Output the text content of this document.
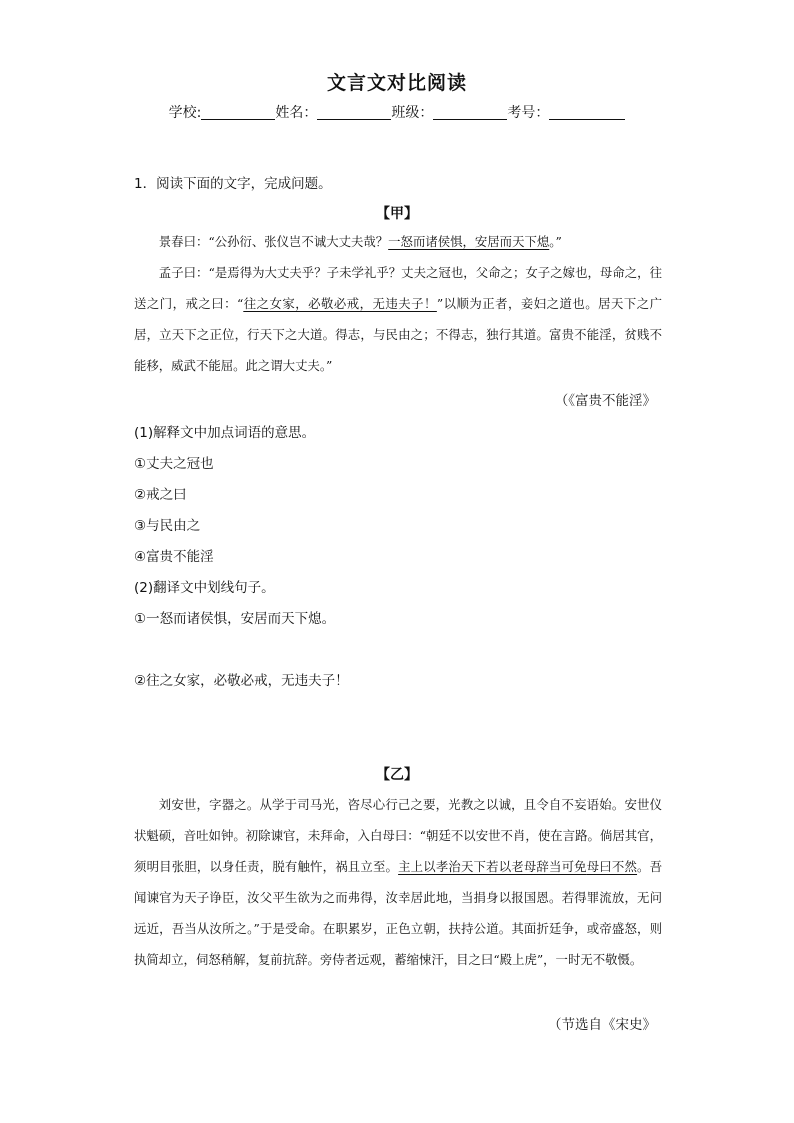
文言文对比阅读
学校:	姓名：	班级：	考号：
1．阅读下面的文字，完成问题。
【甲】

景春曰：“公孙衍、张仪岂不诚大丈夫哉？一怒而诸侯惧，安居而天下熄。”

孟子曰：“是焉得为大丈夫乎？子未学礼乎？丈夫之冠也，父命之；女子之嫁也，母命之，往送之门，戒之曰：“往之女家，必敬必戒，无违夫子！”以顺为正者，妾妇之道也。居天下之广居，立天下之正位，行天下之大道。得志，与民由之；不得志，独行其道。富贵不能淫，贫贱不能移，威武不能屈。此之谓大丈夫。”

（《富贵不能淫》
(1)解释文中加点词语的意思。
①丈夫之冠也
②戒之曰
③与民由之
④富贵不能淫
(2)翻译文中划线句子。
①一怒而诸侯惧，安居而天下熄。
②往之女家，必敬必戒，无违夫子！
【乙】

刘安世，字器之。从学于司马光，咨尽心行己之要，光教之以诚，且令自不妄语始。安世仪状魁硕，音吐如钟。初除谏官，未拜命，入白母曰：“朝廷不以安世不肖，使在言路。倘居其官，须明目张胆，以身任责，脱有触忤，祸且立至。主上以孝治天下若以老母辞当可免母曰不然。吾闻谏官为天子诤臣，汝父平生欲为之而弗得，汝幸居此地，当捐身以报国恩。若得罪流放，无问远近，吾当从汝所之。”于是受命。在职累岁，正色立朝，扶持公道。其面折廷争，或帝盛怒，则执简却立，伺怒稍解，复前抗辞。旁侍者远观，蓄缩悚汗，目之曰“殿上虎”，一时无不敬慑。

（节选自《宋史》
